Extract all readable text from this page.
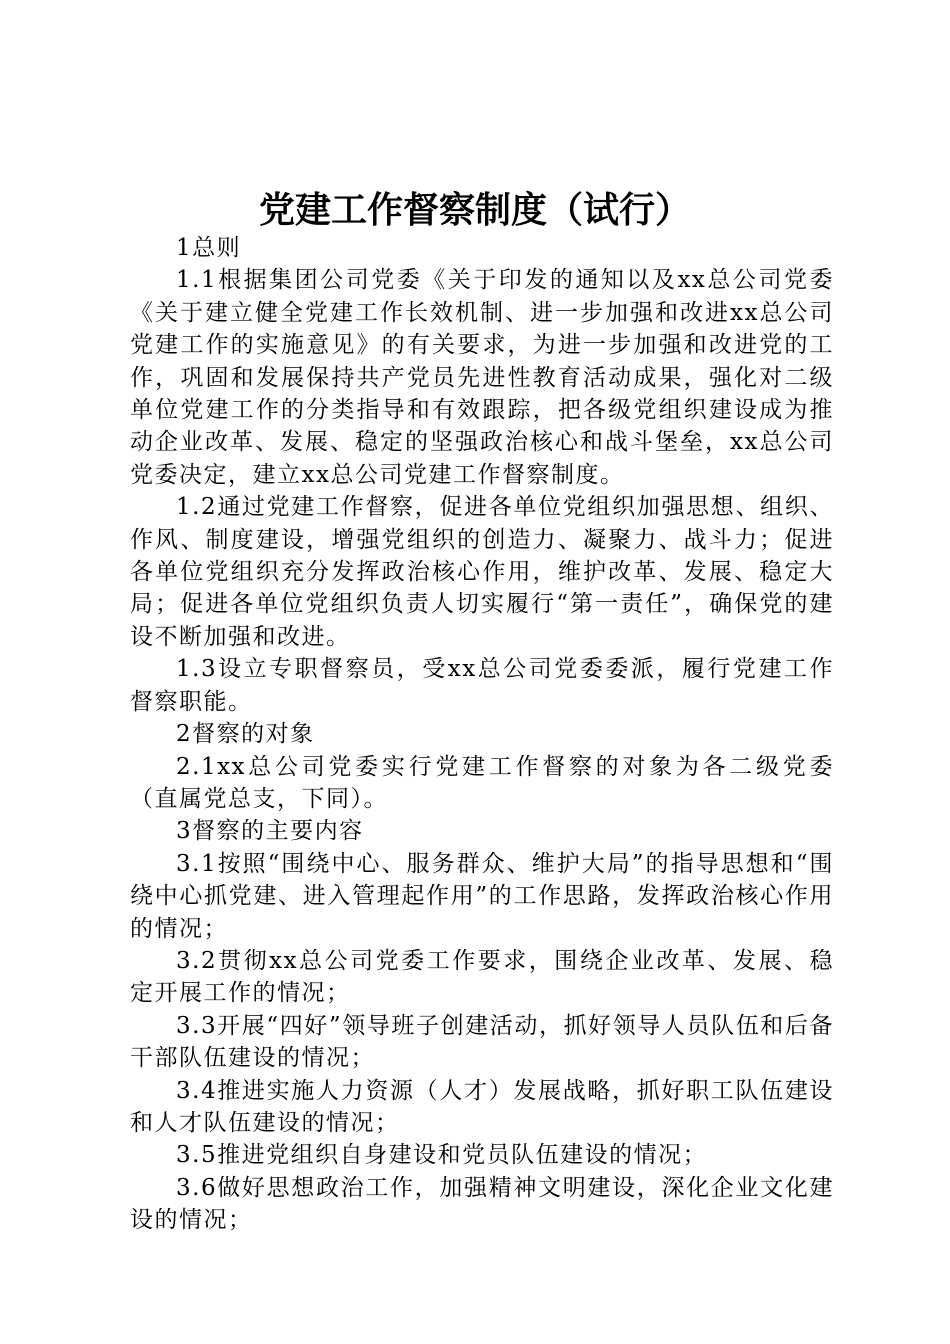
党建工作督察制度（试行）

1总则

1.1根据集团公司党委《关于印发的通知以及xx总公司党委《关于建立健全党建工作长效机制、进一步加强和改进xx总公司党建工作的实施意见》的有关要求，为进一步加强和改进党的工作，巩固和发展保持共产党员先进性教育活动成果，强化对二级单位党建工作的分类指导和有效跟踪，把各级党组织建设成为推动企业改革、发展、稳定的坚强政治核心和战斗堡垒，xx总公司党委决定，建立xx总公司党建工作督察制度。

1.2通过党建工作督察，促进各单位党组织加强思想、组织、作风、制度建设，增强党组织的创造力、凝聚力、战斗力；促进各单位党组织充分发挥政治核心作用，维护改革、发展、稳定大局；促进各单位党组织负责人切实履行“第一责任”，确保党的建设不断加强和改进。

1.3设立专职督察员，受xx总公司党委委派，履行党建工作督察职能。

2督察的对象

2.1xx总公司党委实行党建工作督察的对象为各二级党委（直属党总支，下同）。

3督察的主要内容

3.1按照“围绕中心、服务群众、维护大局”的指导思想和“围绕中心抓党建、进入管理起作用”的工作思路，发挥政治核心作用的情况；

3.2贯彻xx总公司党委工作要求，围绕企业改革、发展、稳定开展工作的情况；

3.3开展“四好”领导班子创建活动，抓好领导人员队伍和后备干部队伍建设的情况；

3.4推进实施人力资源（人才）发展战略，抓好职工队伍建设和人才队伍建设的情况；

3.5推进党组织自身建设和党员队伍建设的情况；

3.6做好思想政治工作，加强精神文明建设，深化企业文化建设的情况；
